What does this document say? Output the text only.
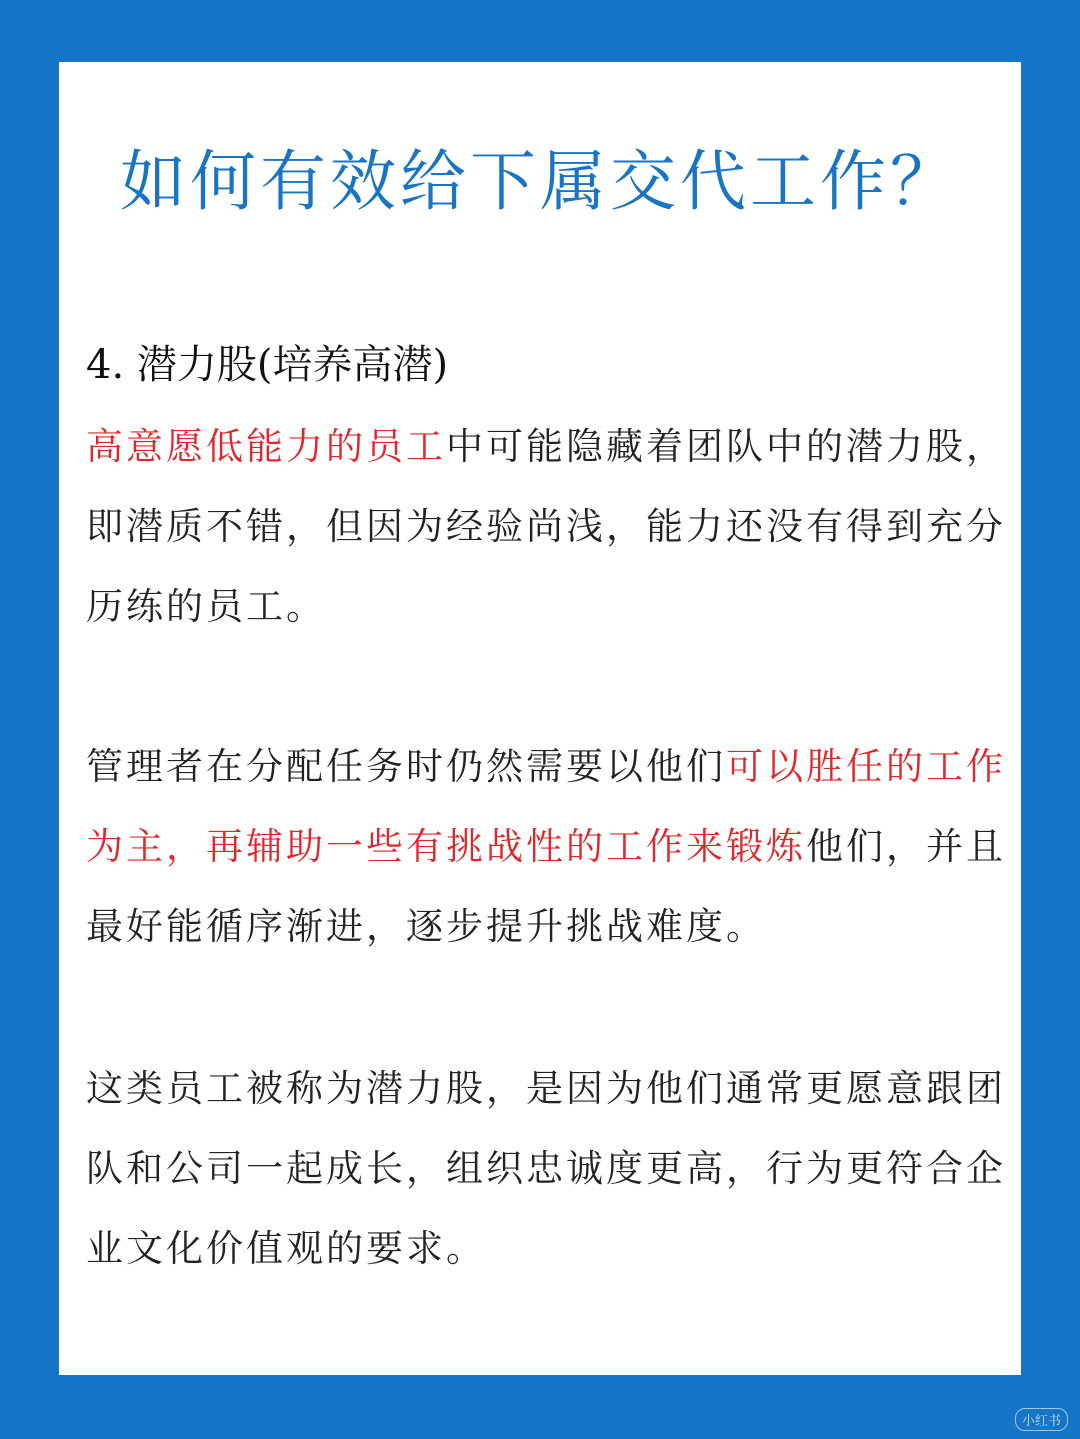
如何有效给下属交代工作？
4. 潜力股(培养高潜)

高意愿低能力的员工中可能隐藏着团队中的潜力股，即潜质不错，但因为经验尚浅，能力还没有得到充分历练的员工。

管理者在分配任务时仍然需要以他们可以胜任的工作为主，再辅助一些有挑战性的工作来锻炼他们，并且最好能循序渐进，逐步提升挑战难度。

这类员工被称为潜力股，是因为他们通常更愿意跟团队和公司一起成长，组织忠诚度更高，行为更符合企业文化价值观的要求。

小红书
